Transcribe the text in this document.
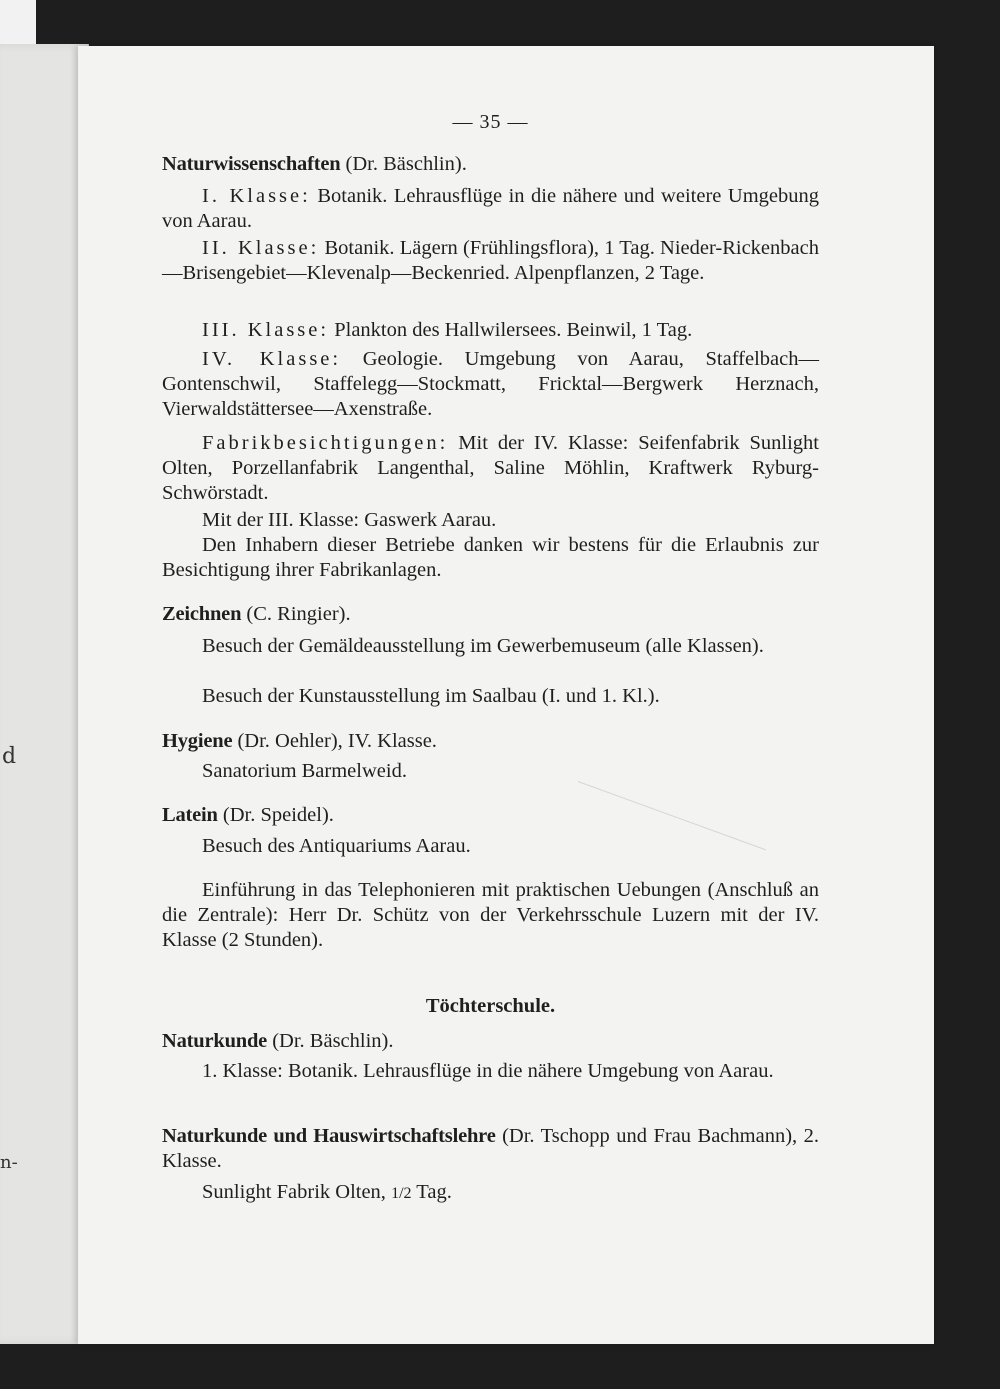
d
n-
— 35 —

Naturwissenschaften (Dr. Bäschlin).

I. Klasse: Botanik. Lehrausflüge in die nähere und weitere Umgebung von Aarau.

II. Klasse: Botanik. Lägern (Frühlingsflora), 1 Tag. Nieder-Rickenbach—Brisengebiet—Klevenalp—Beckenried. Alpenpflanzen, 2 Tage.

III. Klasse: Plankton des Hallwilersees. Beinwil, 1 Tag.

IV. Klasse: Geologie. Umgebung von Aarau, Staffelbach—Gontenschwil, Staffelegg—Stockmatt, Fricktal—Bergwerk Herznach, Vierwaldstättersee—Axenstraße.

Fabrikbesichtigungen: Mit der IV. Klasse: Seifenfabrik Sunlight Olten, Porzellanfabrik Langenthal, Saline Möhlin, Kraftwerk Ryburg-Schwörstadt.

Mit der III. Klasse: Gaswerk Aarau.

Den Inhabern dieser Betriebe danken wir bestens für die Erlaubnis zur Besichtigung ihrer Fabrikanlagen.

Zeichnen (C. Ringier).

Besuch der Gemäldeausstellung im Gewerbemuseum (alle Klassen).

Besuch der Kunstausstellung im Saalbau (I. und 1. Kl.).

Hygiene (Dr. Oehler), IV. Klasse.

Sanatorium Barmelweid.

Latein (Dr. Speidel).

Besuch des Antiquariums Aarau.

Einführung in das Telephonieren mit praktischen Uebungen (Anschluß an die Zentrale): Herr Dr. Schütz von der Verkehrsschule Luzern mit der IV. Klasse (2 Stunden).

Töchterschule.

Naturkunde (Dr. Bäschlin).

1. Klasse: Botanik. Lehrausflüge in die nähere Umgebung von Aarau.

Naturkunde und Hauswirtschaftslehre (Dr. Tschopp und Frau Bachmann), 2. Klasse.

Sunlight Fabrik Olten, 1/2 Tag.
